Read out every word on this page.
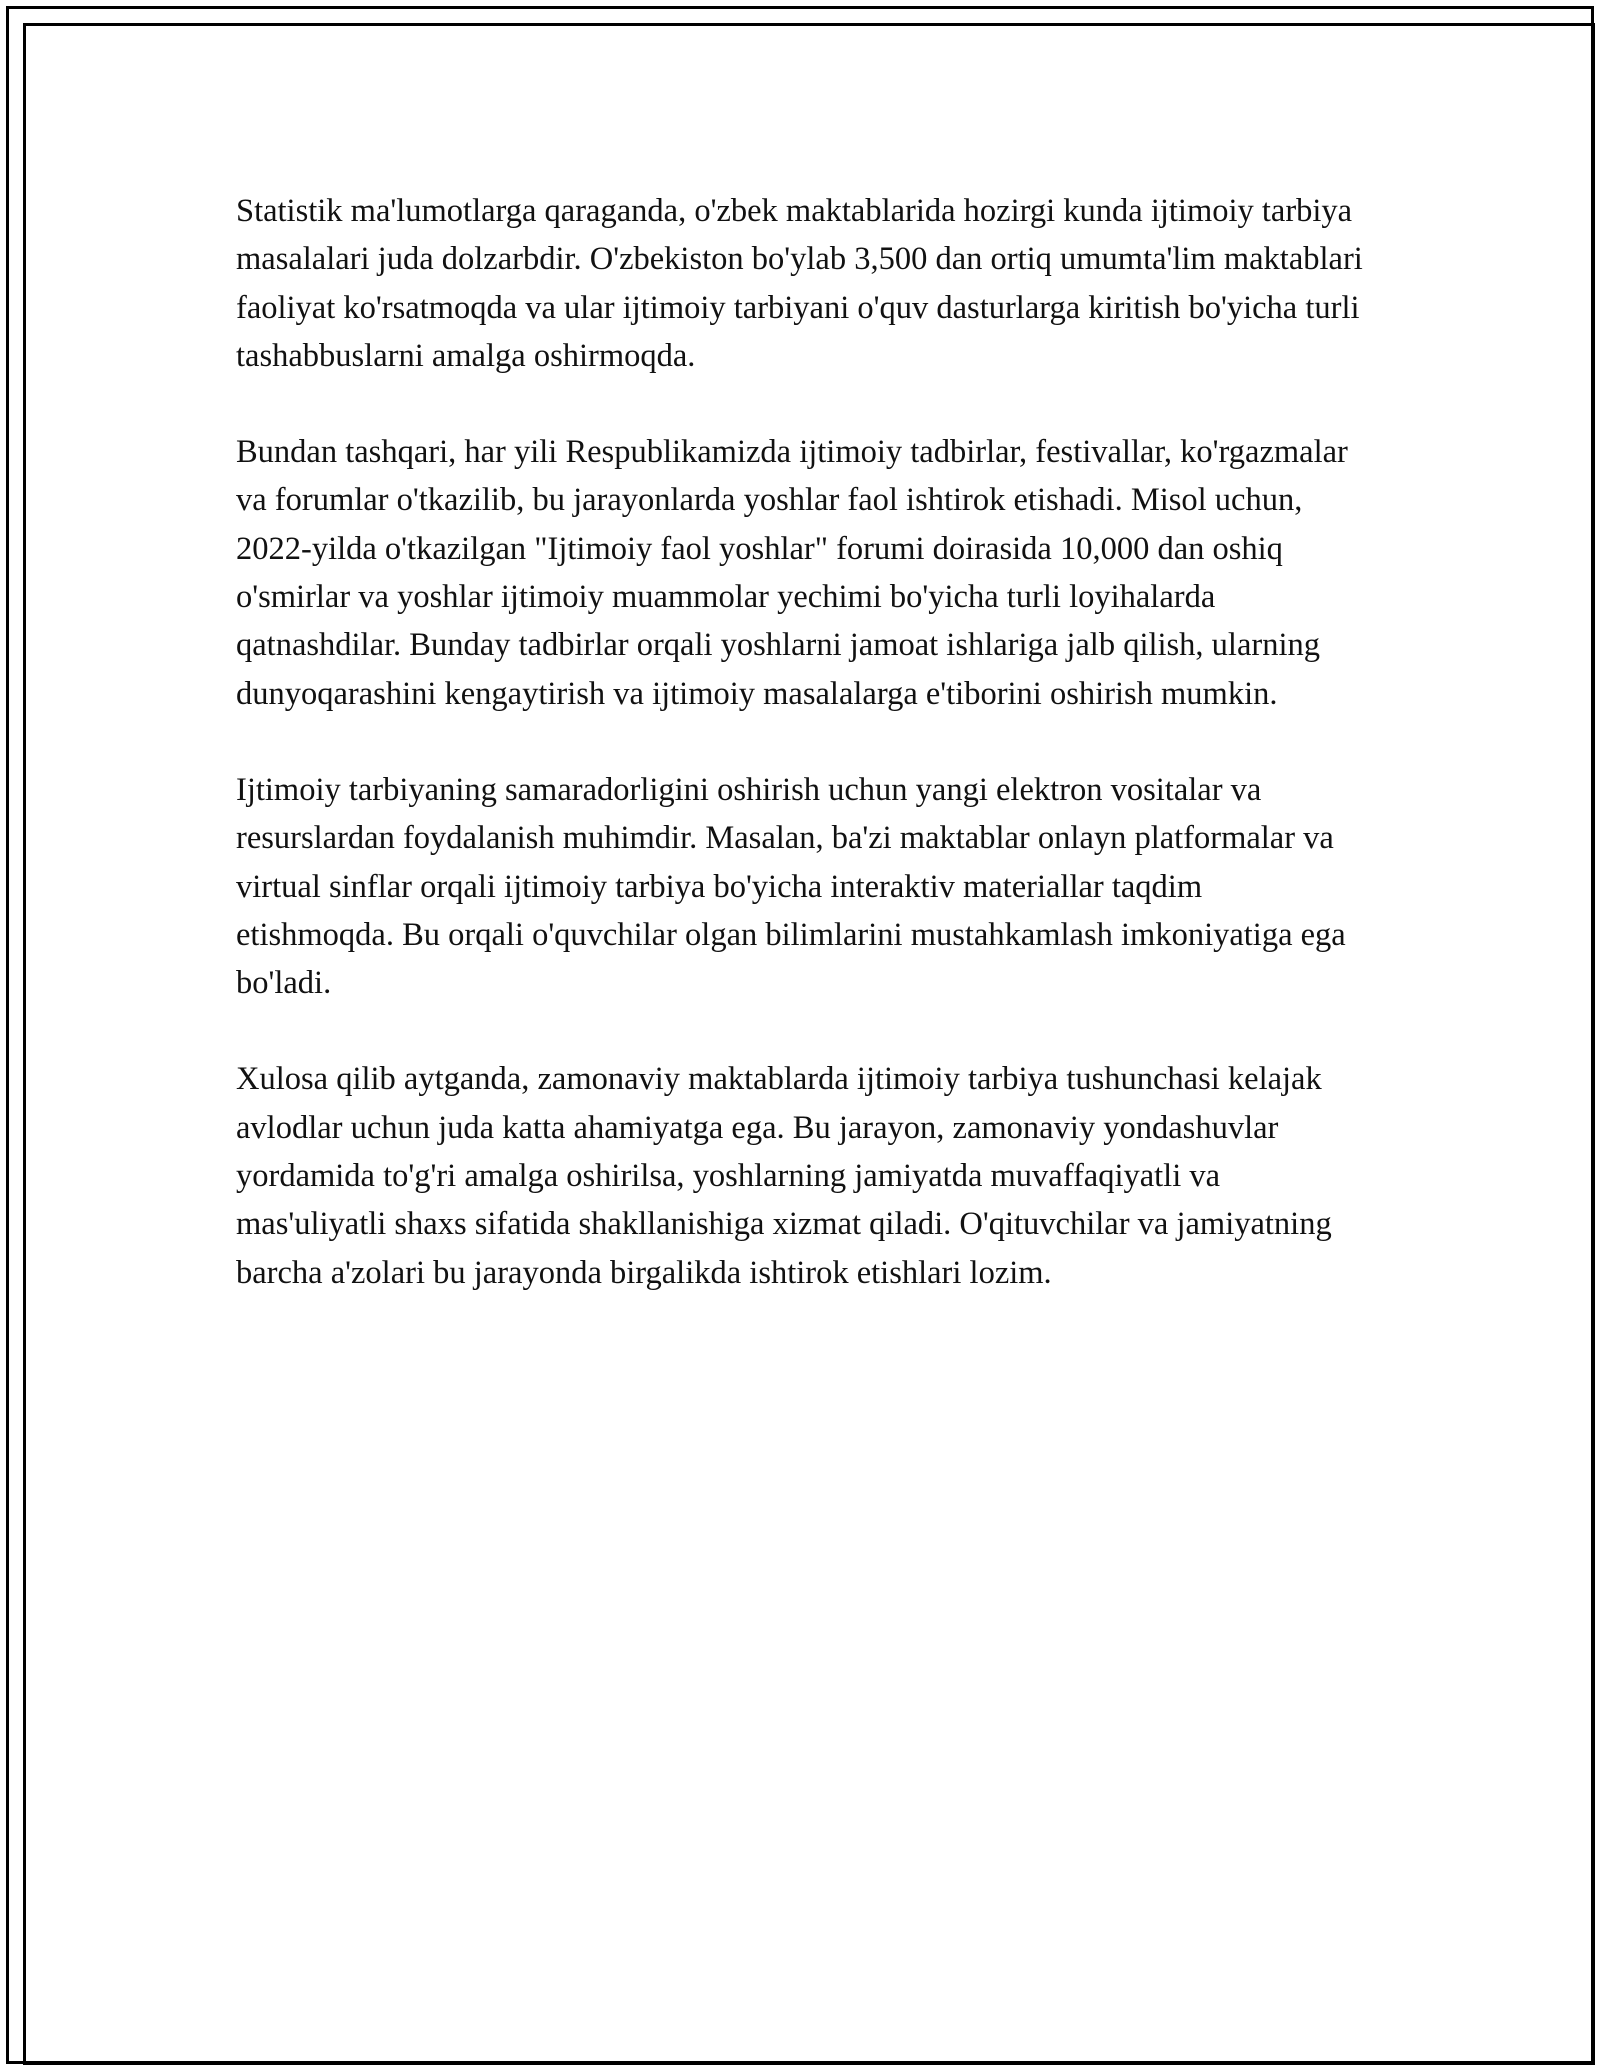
Statistik ma'lumotlarga qaraganda, o'zbek maktablarida hozirgi kunda ijtimoiy tarbiya masalalari juda dolzarbdir. O'zbekiston bo'ylab 3,500 dan ortiq umumta'lim maktablari faoliyat ko'rsatmoqda va ular ijtimoiy tarbiyani o'quv dasturlarga kiritish bo'yicha turli tashabbuslarni amalga oshirmoqda.

Bundan tashqari, har yili Respublikamizda ijtimoiy tadbirlar, festivallar, ko'rgazmalar va forumlar o'tkazilib, bu jarayonlarda yoshlar faol ishtirok etishadi. Misol uchun, 2022-yilda o'tkazilgan "Ijtimoiy faol yoshlar" forumi doirasida 10,000 dan oshiq o'smirlar va yoshlar ijtimoiy muammolar yechimi bo'yicha turli loyihalarda qatnashdilar. Bunday tadbirlar orqali yoshlarni jamoat ishlariga jalb qilish, ularning dunyoqarashini kengaytirish va ijtimoiy masalalarga e'tiborini oshirish mumkin.

Ijtimoiy tarbiyaning samaradorligini oshirish uchun yangi elektron vositalar va resurslardan foydalanish muhimdir. Masalan, ba'zi maktablar onlayn platformalar va virtual sinflar orqali ijtimoiy tarbiya bo'yicha interaktiv materiallar taqdim etishmoqda. Bu orqali o'quvchilar olgan bilimlarini mustahkamlash imkoniyatiga ega bo'ladi.

Xulosa qilib aytganda, zamonaviy maktablarda ijtimoiy tarbiya tushunchasi kelajak avlodlar uchun juda katta ahamiyatga ega. Bu jarayon, zamonaviy yondashuvlar yordamida to'g'ri amalga oshirilsa, yoshlarning jamiyatda muvaffaqiyatli va mas'uliyatli shaxs sifatida shakllanishiga xizmat qiladi. O'qituvchilar va jamiyatning barcha a'zolari bu jarayonda birgalikda ishtirok etishlari lozim.
